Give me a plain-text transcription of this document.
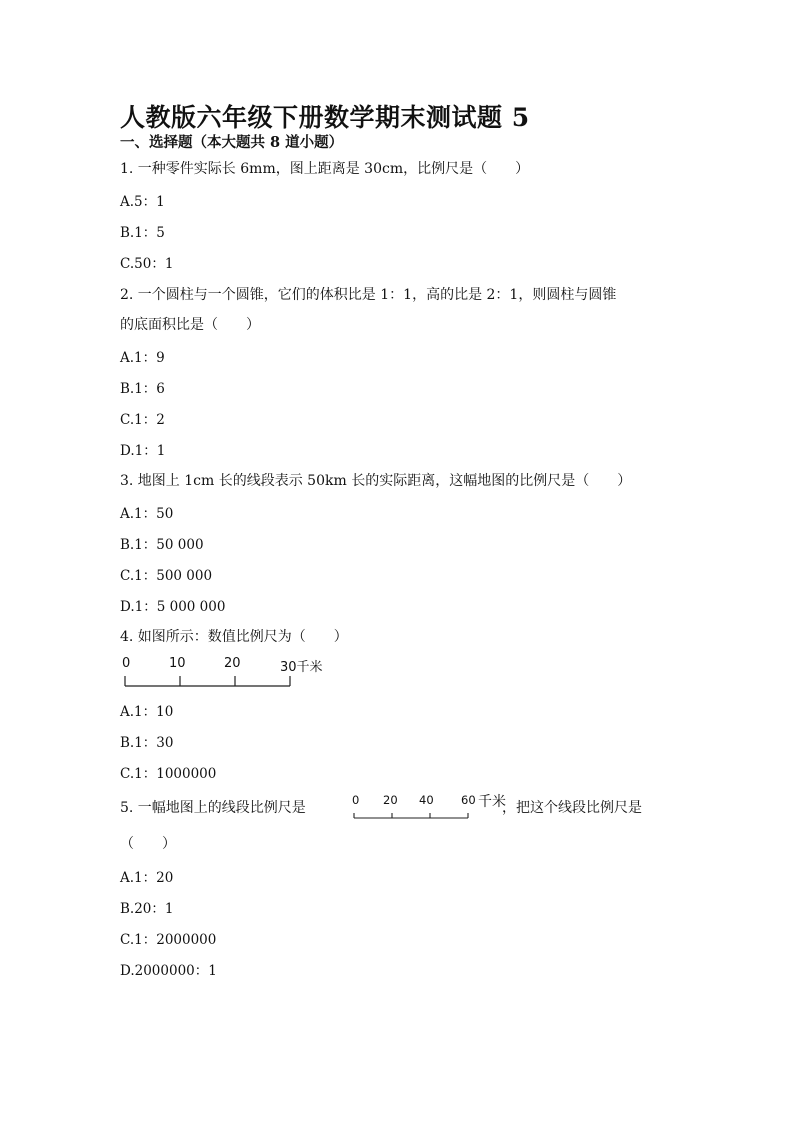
人教版六年级下册数学期末测试题 5
一、选择题（本大题共 8 道小题）
1. 一种零件实际长 6mm，图上距离是 30cm，比例尺是（　　）
A.5：1
B.1：5
C.50：1
2. 一个圆柱与一个圆锥，它们的体积比是 1：1，高的比是 2：1，则圆柱与圆锥
的底面积比是（　　）
A.1：9
B.1：6
C.1：2
D.1：1
3. 地图上 1cm 长的线段表示 50km 长的实际距离，这幅地图的比例尺是（　　）
A.1：50
B.1：50 000
C.1：500 000
D.1：5 000 000
4. 如图所示：数值比例尺为（　　）
0	10	20	30千米
A.1：10
B.1：30
C.1：1000000
5. 一幅地图上的线段比例尺是	0 20 40 60 千米
，把这个线段比例尺是
（　　）
A.1：20
B.20：1
C.1：2000000
D.2000000：1
